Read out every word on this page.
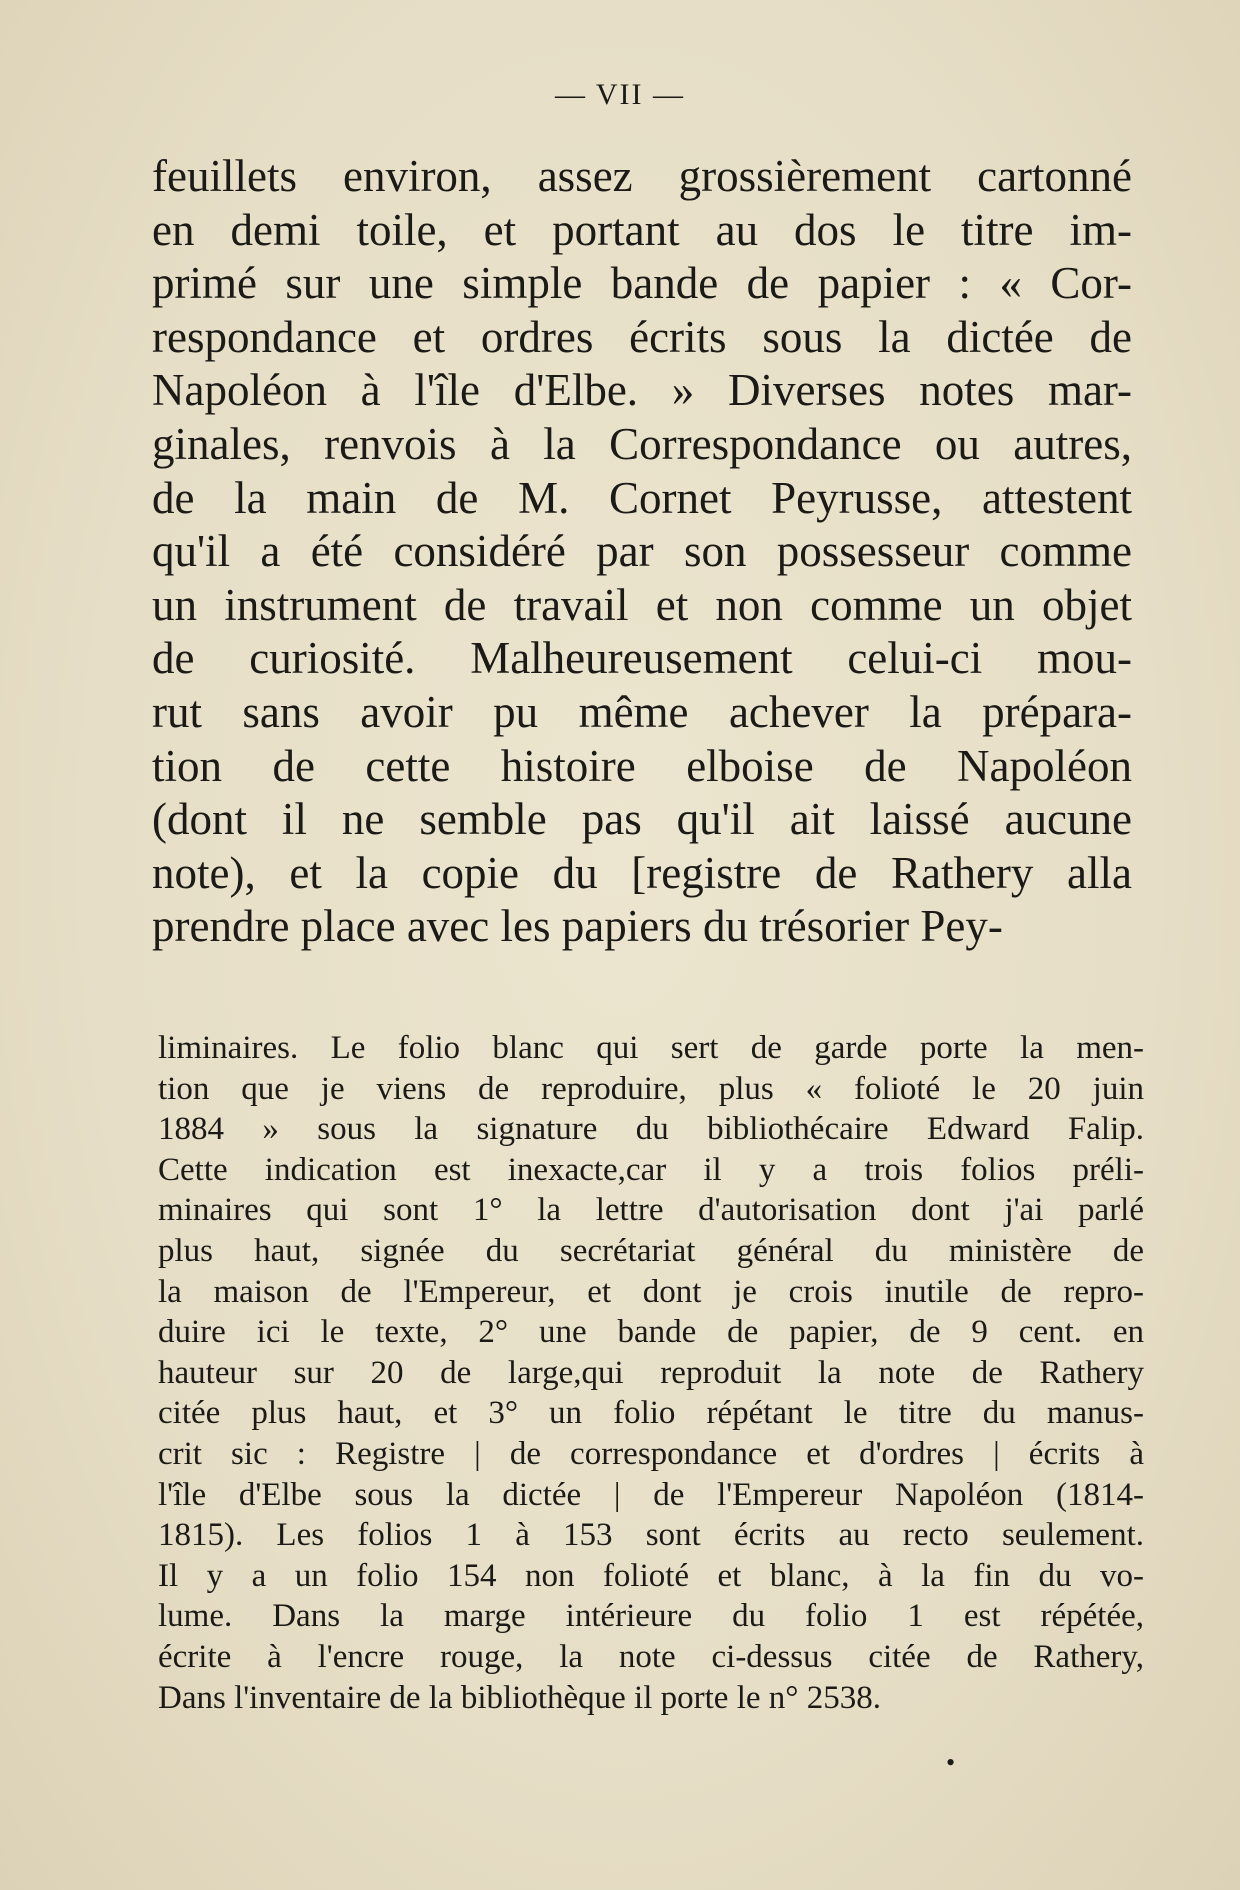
— VII —
feuillets environ, assez grossièrement cartonné
en demi toile, et portant au dos le titre im-
primé sur une simple bande de papier : « Cor-
respondance et ordres écrits sous la dictée de
Napoléon à l'île d'Elbe. » Diverses notes mar-
ginales, renvois à la Correspondance ou autres,
de la main de M. Cornet Peyrusse, attestent
qu'il a été considéré par son possesseur comme
un instrument de travail et non comme un objet
de curiosité. Malheureusement celui-ci mou-
rut sans avoir pu même achever la prépara-
tion de cette histoire elboise de Napoléon
(dont il ne semble pas qu'il ait laissé aucune
note), et la copie du [registre de Rathery alla
prendre place avec les papiers du trésorier Pey-
liminaires. Le folio blanc qui sert de garde porte la men-
tion que je viens de reproduire, plus « folioté le 20 juin
1884 » sous la signature du bibliothécaire Edward Falip.
Cette indication est inexacte,car il y a trois folios préli-
minaires qui sont 1° la lettre d'autorisation dont j'ai parlé
plus haut, signée du secrétariat général du ministère de
la maison de l'Empereur, et dont je crois inutile de repro-
duire ici le texte, 2° une bande de papier, de 9 cent. en
hauteur sur 20 de large,qui reproduit la note de Rathery
citée plus haut, et 3° un folio répétant le titre du manus-
crit sic : Registre | de correspondance et d'ordres | écrits à
l'île d'Elbe sous la dictée | de l'Empereur Napoléon (1814-
1815). Les folios 1 à 153 sont écrits au recto seulement.
Il y a un folio 154 non folioté et blanc, à la fin du vo-
lume. Dans la marge intérieure du folio 1 est répétée,
écrite à l'encre rouge, la note ci-dessus citée de Rathery,
Dans l'inventaire de la bibliothèque il porte le n° 2538.
•
